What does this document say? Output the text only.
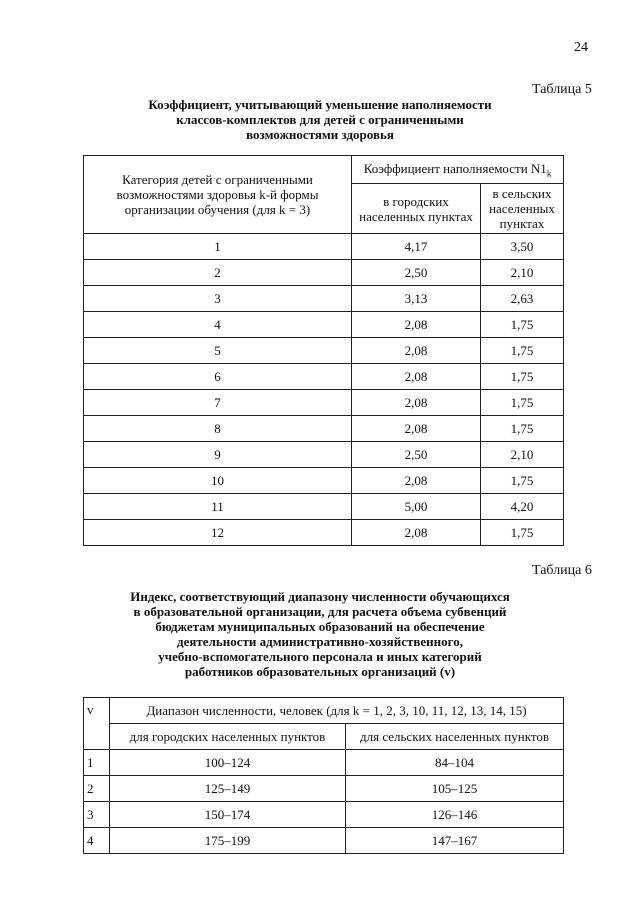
24
Таблица 5
Коэффициент, учитывающий уменьшение наполняемости
классов-комплектов для детей с ограниченными
возможностями здоровья
Категория детей с ограниченными возможностями здоровья k-й формы организации обучения (для k = 3)	Коэффициент наполняемости $N1_k$
	в городских населенных пунктах	в сельских населенных пунктах
1	4,17	3,50
2	2,50	2,10
3	3,13	2,63
4	2,08	1,75
5	2,08	1,75
6	2,08	1,75
7	2,08	1,75
8	2,08	1,75
9	2,50	2,10
10	2,08	1,75
11	5,00	4,20
12	2,08	1,75
Таблица 6
Индекс, соответствующий диапазону численности обучающихся
в образовательной организации, для расчета объема субвенций
бюджетам муниципальных образований на обеспечение
деятельности административно-хозяйственного,
учебно-вспомогательного персонала и иных категорий
работников образовательных организаций (v)
v	Диапазон численности, человек (для k = 1, 2, 3, 10, 11, 12, 13, 14, 15)	
	для городских населенных пунктов	для сельских населенных пунктов
1	100–124	84–104
2	125–149	105–125
3	150–174	126–146
4	175–199	147–167
